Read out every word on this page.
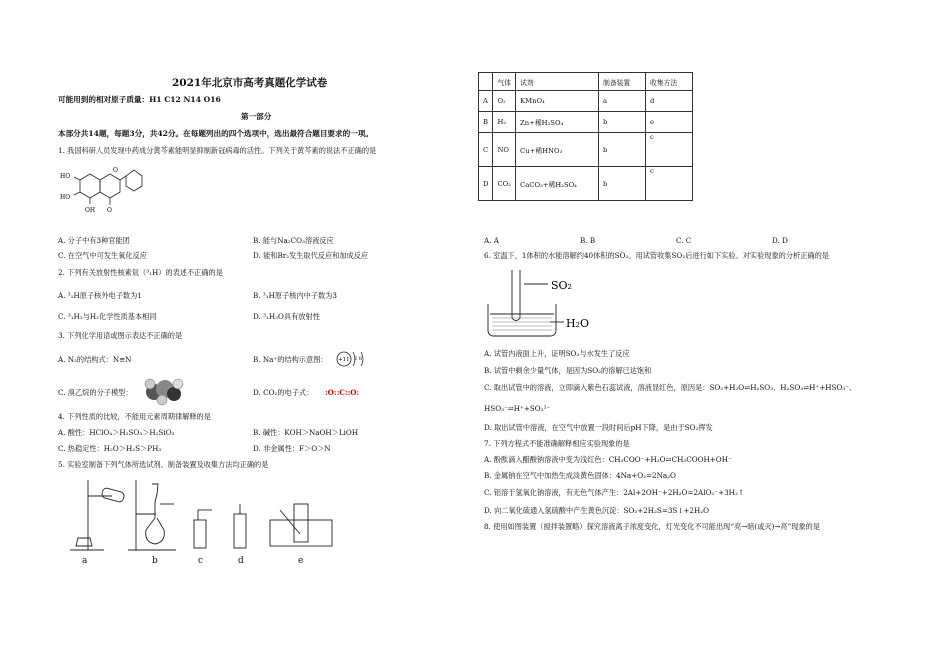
2021年北京市高考真题化学试卷
可能用到的相对原子质量：H1 C12 N14 O16
第一部分
本部分共14题，每题3分，共42分。在每题列出的四个选项中，选出最符合题目要求的一项。
1. 我国科研人员发现中药成分黄芩素能明显抑制新冠病毒的活性。下列关于黄芩素的说法不正确的是
HO
HO
OH O
O
A. 分子中有3种官能团	B. 能与Na₂CO₃溶液反应
C. 在空气中可发生氧化反应	D. 能和Br₂发生取代反应和加成反应
2. 下列有关放射性核素氚（³₁H）的表述不正确的是
A. ³₁H原子核外电子数为1	B. ³₁H原子核内中子数为3
C. ³₁H₂与H₂化学性质基本相同	D. ³₁H₂O具有放射性
3. 下列化学用语或图示表达不正确的是
A. N₂的结构式：N≡N	B. Na⁺的结构示意图： +11 2 8
C. 溴乙烷的分子模型：	D. CO₂的电子式： :O::C::O:
4. 下列性质的比较，不能用元素周期律解释的是
A. 酸性：HClO₄＞H₂SO₃＞H₂SiO₃	B. 碱性：KOH＞NaOH＞LiOH
C. 热稳定性：H₂O＞H₂S＞PH₃	D. 非金属性：F＞O＞N
5. 实验室制备下列气体所选试剂、制备装置及收集方法均正确的是
a	b	c	d	e
	气体	试剂	制备装置	收集方法
A	O₂	KMnO₄	a	d
B	H₂	Zn+稀H₂SO₄	b	e
C	NO	Cu+稀HNO₃	b	c
D	CO₂	CaCO₃+稀H₂SO₄	b	c
A. A	B. B	C. C	D. D
6. 室温下，1体积的水能溶解约40体积的SO₂。用试管收集SO₂后进行如下实验。对实验现象的分析正确的是
SO₂
H₂O
A. 试管内液面上升，证明SO₂与水发生了反应
B. 试管中剩余少量气体，是因为SO₂的溶解已达饱和
C. 取出试管中的溶液，立即滴入紫色石蕊试液，溶液显红色，原因是：SO₂+H₂O⇌H₂SO₃、H₂SO₃⇌H⁺+HSO₃⁻、
HSO₃⁻⇌H⁺+SO₃²⁻
D. 取出试管中溶液，在空气中放置一段时间后pH下降，是由于SO₂挥发
7. 下列方程式不能准确解释相应实验现象的是
A. 酚酞滴入醋酸钠溶液中变为浅红色：CH₃COO⁻+H₂O⇌CH₃COOH+OH⁻
B. 金属钠在空气中加热生成淡黄色固体：4Na+O₂=2Na₂O
C. 铝溶于氢氧化钠溶液，有无色气体产生：2Al+2OH⁻+2H₂O=2AlO₂⁻+3H₂↑
D. 向二氧化硫通入氢硫酸中产生黄色沉淀：SO₂+2H₂S=3S↓+2H₂O
8. 使用如图装置（搅拌装置略）探究溶液离子浓度变化，灯光变化不可能出现“亮→暗(或灭)→亮”现象的是
